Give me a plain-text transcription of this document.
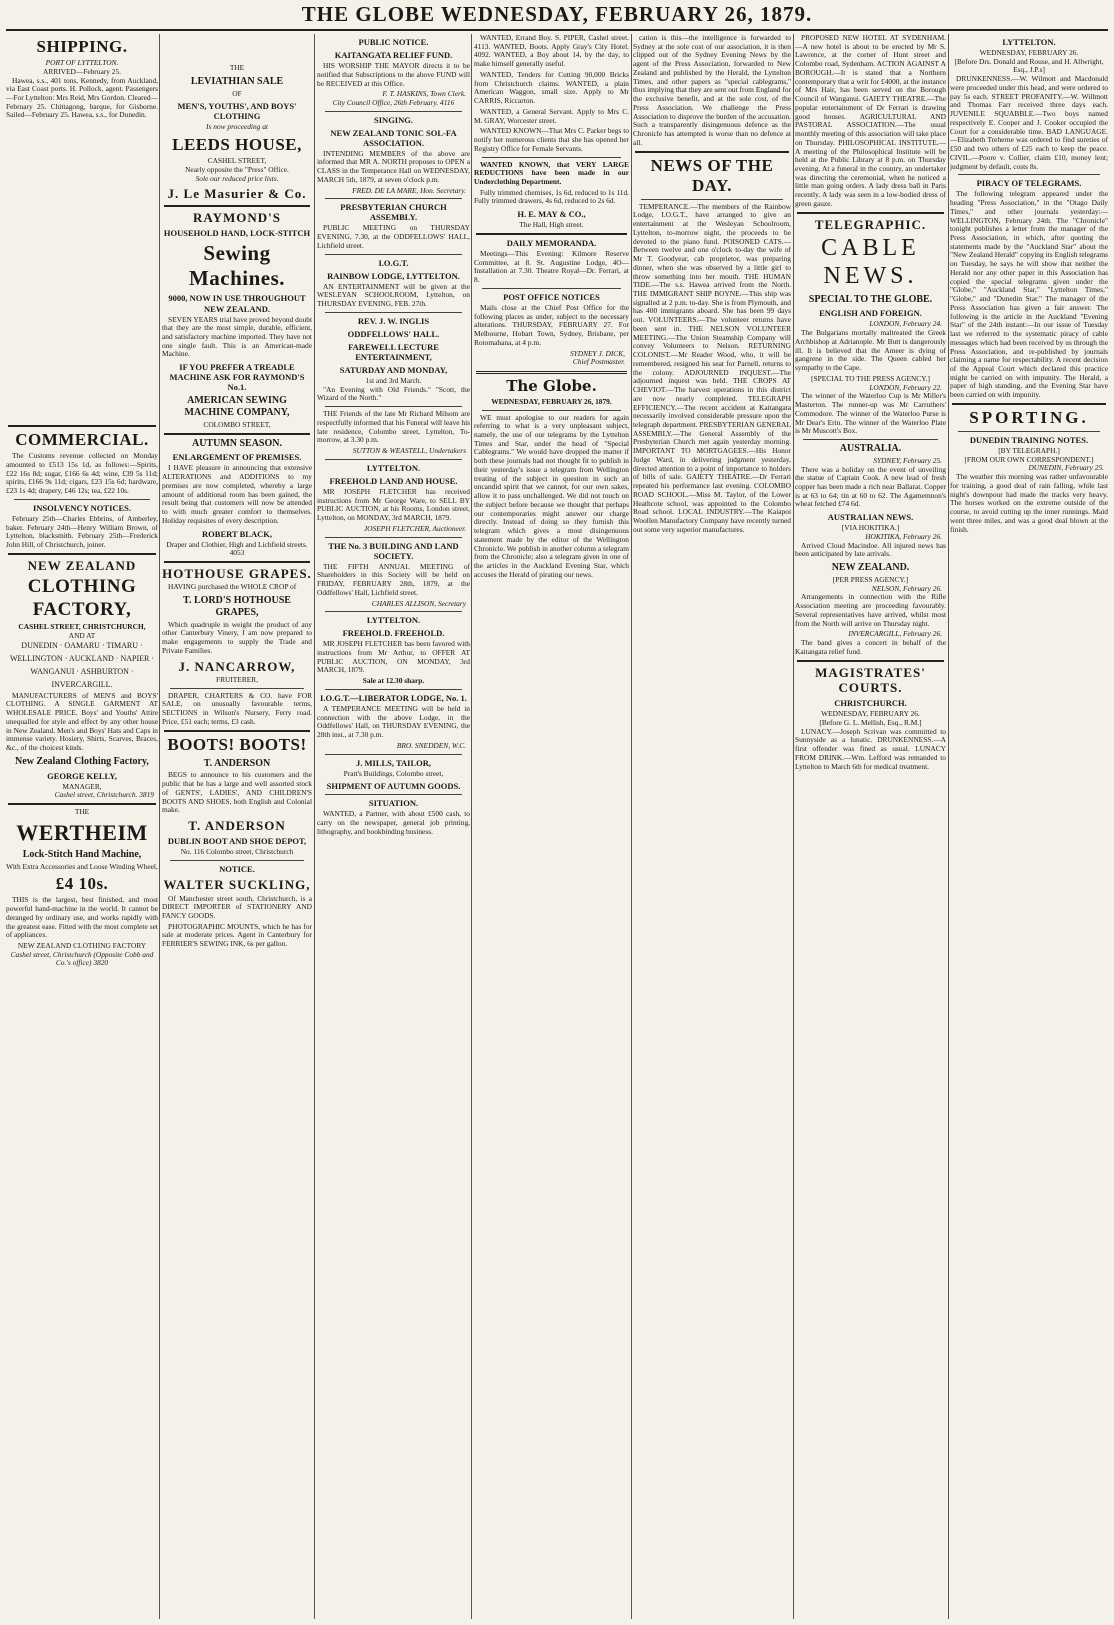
THE GLOBE WEDNESDAY, FEBRUARY 26, 1879.
SHIPPING.
PORT OF LYTTELTON.
ARRIVED—February 25.

Hawea, s.s., 401 tons, Kennedy, from Auckland, via East Coast ports. H. Pollock, agent. Passengers—For Lyttelton: Mrs Reid, Mrs Gordon. Cleared—February 25. Chittagong, barque, for Gisborne. Sailed—February 25. Hawea, s.s., for Dunedin.

COMMERCIAL.

The Customs revenue collected on Monday amounted to £513 15s 1d, as follows:—Spirits, £22 16s 8d; sugar, £166 6s 4d; wine, £39 5s 11d; spirits, £166 9s 11d; cigars, £23 15s 6d; hardware, £23 1s 4d; drapery, £46 12s; tea, £22 10s.

INSOLVENCY NOTICES.

February 25th—Charles Ebbrins, of Amberley, baker. February 24th—Henry William Brown, of Lyttelton, blacksmith. February 25th—Frederick John Hill, of Christchurch, joiner.

NEW ZEALAND
CLOTHING FACTORY,
CASHEL STREET, CHRISTCHURCH,
AND AT
DUNEDIN · OAMARU · TIMARU · WELLINGTON · AUCKLAND · NAPIER · WANGANUI · ASHBURTON · INVERCARGILL.

MANUFACTURERS of MEN'S and BOYS' CLOTHING. A SINGLE GARMENT AT WHOLESALE PRICE. Boys' and Youths' Attire unequalled for style and effect by any other house in New Zealand. Men's and Boys' Hats and Caps in immense variety. Hosiery, Shirts, Scarves, Braces, &c., of the choicest kinds.

New Zealand Clothing Factory,
GEORGE KELLY,
MANAGER,
Cashel street, Christchurch. 3819
THE
WERTHEIM
Lock-Stitch Hand Machine,
With Extra Accessories and Loose Winding Wheel,
£4 10s.

THIS is the largest, best finished, and most powerful hand-machine in the world. It cannot be deranged by ordinary use, and works rapidly with the greatest ease. Fitted with the most complete set of appliances.

NEW ZEALAND CLOTHING FACTORY
Cashel street, Christchurch (Opposite Cobb and Co.'s office) 3820
THE
LEVIATHIAN SALE
OF
MEN'S, YOUTHS', AND BOYS' CLOTHING
Is now proceeding at
LEEDS HOUSE,
CASHEL STREET,
Nearly opposite the "Press" Office.
Sole our reduced price lists.
J. Le Masurier & Co.
RAYMOND'S
HOUSEHOLD HAND, LOCK-STITCH
Sewing Machines.
9000, NOW IN USE THROUGHOUT NEW ZEALAND.

SEVEN YEARS trial have proved beyond doubt that they are the most simple, durable, efficient, and satisfactory machine imported. They have not one single fault. This is an American-made Machine.

IF YOU PREFER A TREADLE MACHINE ASK FOR RAYMOND'S No.1.
AMERICAN SEWING MACHINE COMPANY,
COLOMBO STREET,
AUTUMN SEASON.
ENLARGEMENT OF PREMISES.

I HAVE pleasure in announcing that extensive ALTERATIONS and ADDITIONS to my premises are now completed, whereby a large amount of additional room has been gained, the result being that customers will now be attended to with much greater comfort to themselves. Holiday requisites of every description.

ROBERT BLACK,
Draper and Clothier, High and Lichfield streets. 4053
HOTHOUSE GRAPES.

HAVING purchased the WHOLE CROP of

T. LORD'S HOTHOUSE GRAPES,

Which quadruple in weight the product of any other Canterbury Vinery, I am now prepared to make engagements to supply the Trade and Private Families.

J. NANCARROW,
FRUITERER,

DRAPER, CHARTERS & CO. have FOR SALE, on unusually favourable terms, SECTIONS in Wilson's Nursery, Ferry road. Price, £51 each; terms, £3 cash.

BOOTS! BOOTS!
T. ANDERSON

BEGS to announce to his customers and the public that he has a large and well assorted stock of GENTS', LADIES', AND CHILDREN'S BOOTS AND SHOES, both English and Colonial make.

T. ANDERSON
DUBLIN BOOT AND SHOE DEPOT,
No. 116 Colombo street, Christchurch
NOTICE.
WALTER SUCKLING,

Of Manchester street south, Christchurch, is a DIRECT IMPORTER of STATIONERY AND FANCY GOODS.

PHOTOGRAPHIC MOUNTS, which he has for sale at moderate prices. Agent in Canterbury for FERRIER'S SEWING INK, 6s per gallon.

PUBLIC NOTICE.
KAITANGATA RELIEF FUND.

HIS WORSHIP THE MAYOR directs it to be notified that Subscriptions to the above FUND will be RECEIVED at this Office.

F. T. HASKINS, Town Clerk.
City Council Office, 26th February. 4116
SINGING.
NEW ZEALAND TONIC SOL-FA ASSOCIATION.

INTENDING MEMBERS of the above are informed that MR A. NORTH proposes to OPEN a CLASS in the Temperance Hall on WEDNESDAY, MARCH 5th, 1879, at seven o'clock p.m.

FRED. DE LA MARE, Hon. Secretary.
PRESBYTERIAN CHURCH ASSEMBLY.

PUBLIC MEETING on THURSDAY EVENING, 7.30, at the ODDFELLOWS' HALL, Lichfield street.

I.O.G.T.
RAINBOW LODGE, LYTTELTON.

AN ENTERTAINMENT will be given at the WESLEYAN SCHOOLROOM, Lyttelton, on THURSDAY EVENING, FEB. 27th.

REV. J. W. INGLIS
ODDFELLOWS' HALL.
FAREWELL LECTURE ENTERTAINMENT,
SATURDAY AND MONDAY,
1st and 3rd March.

"An Evening with Old Friends." "Scott, the Wizard of the North."

THE Friends of the late Mr Richard Milsom are respectfully informed that his Funeral will leave his late residence, Colombo street, Lyttelton, To-morrow, at 3.30 p.m.

SUTTON & WEASTELL, Undertakers
LYTTELTON.
FREEHOLD LAND AND HOUSE.

MR JOSEPH FLETCHER has received instructions from Mr George Ware, to SELL BY PUBLIC AUCTION, at his Rooms, London street, Lyttelton, on MONDAY, 3rd MARCH, 1879.

JOSEPH FLETCHER, Auctioneer.
THE No. 3 BUILDING AND LAND SOCIETY.

THE FIFTH ANNUAL MEETING of Shareholders in this Society will be held on FRIDAY, FEBRUARY 28th, 1879, at the Oddfellows' Hall, Lichfield street.

CHARLES ALLISON, Secretary
LYTTELTON.
FREEHOLD. FREEHOLD.

MR JOSEPH FLETCHER has been favored with instructions from Mr Arthur, to OFFER AT PUBLIC AUCTION, ON MONDAY, 3rd MARCH, 1879.

Sale at 12.30 sharp.
I.O.G.T.—LIBERATOR LODGE, No. 1.

A TEMPERANCE MEETING will be held in connection with the above Lodge, in the Oddfellows' Hall, on THURSDAY EVENING, the 28th inst., at 7.30 p.m.

BRO. SNEDDEN, W.C.
J. MILLS, TAILOR,
Pratt's Buildings, Colombo street,
SHIPMENT OF AUTUMN GOODS.
SITUATION.

WANTED, a Partner, with about £500 cash, to carry on the newspaper, general job printing, lithography, and bookbinding business.

WANTED, Errand Boy. S. PIPER, Cashel street. 4113. WANTED, Boots. Apply Gray's City Hotel. 4092. WANTED, a Boy about 14, by the day, to make himself generally useful.

WANTED, Tenders for Cutting 90,000 Bricks from Christchurch claims. WANTED, a plain American Waggon, small size. Apply to Mr CARRIS, Riccarton.

WANTED, a General Servant. Apply to Mrs C. M. GRAY, Worcester street.

WANTED KNOWN—That Mrs C. Parker begs to notify her numerous clients that she has opened her Registry Office for Female Servants.

WANTED KNOWN, that VERY LARGE REDUCTIONS have been made in our Underclothing Department.

Fully trimmed chemises, 1s 6d, reduced to 1s 11d. Fully trimmed drawers, 4s 6d, reduced to 2s 6d.

H. E. MAY & CO.,
The Hall, High street.
DAILY MEMORANDA.

Meetings—This Evening: Kilmore Reserve Committee, at 8. St. Augustine Lodge, 4O—Installation at 7.30. Theatre Royal—Dr. Ferrari, at 8.

POST OFFICE NOTICES

Mails close at the Chief Post Office for the following places as under, subject to the necessary alterations. THURSDAY, FEBRUARY 27. For Melbourne, Hobart Town, Sydney, Brisbane, per Rotomahana, at 4 p.m.

SYDNEY J. DICK,
Chief Postmaster.
The Globe.
WEDNESDAY, FEBRUARY 26, 1879.

WE must apologise to our readers for again referring to what is a very unpleasant subject, namely, the use of our telegrams by the Lyttelton Times and Star, under the head of "Special Cablegrams." We would have dropped the matter if both these journals had not thought fit to publish in their yesterday's issue a telegram from Wellington treating of the subject in question in such an uncandid spirit that we cannot, for our own sakes, allow it to pass unchallenged. We did not touch on the subject before because we thought that perhaps our contemporaries might answer our charge directly. Instead of doing so they furnish this telegram which gives a most disingenuous statement made by the editor of the Wellington Chronicle. We publish in another column a telegram from the Chronicle; also a telegram given in one of the articles in the Auckland Evening Star, which accuses the Herald of pirating our news.

cation is this—the intelligence is forwarded to Sydney at the sole cost of our association, it is then clipped out of the Sydney Evening News by the agent of the Press Association, forwarded to New Zealand and published by the Herald, the Lyttelton Times, and other papers as "special cablegrams," thus implying that they are sent out from England for the exclusive benefit, and at the sole cost, of the Press Association. We challenge the Press Association to disprove the burden of the accusation. Such a transparently disingenuous defence as the Chronicle has attempted is worse than no defence at all.

NEWS OF THE DAY.

TEMPERANCE.—The members of the Rainbow Lodge, I.O.G.T., have arranged to give an entertainment at the Wesleyan Schoolroom, Lyttelton, to-morrow night, the proceeds to be devoted to the piano fund. POISONED CATS.—Between twelve and one o'clock to-day the wife of Mr T. Goodyear, cab proprietor, was preparing dinner, when she was observed by a little girl to throw something into her mouth. THE HUMAN TIDE.—The s.s. Hawea arrived from the North. THE IMMIGRANT SHIP BOYNE.—This ship was signalled at 2 p.m. to-day. She is from Plymouth, and has 400 immigrants aboard. She has been 99 days out. VOLUNTEERS.—The volunteer returns have been sent in. THE NELSON VOLUNTEER MEETING.—The Union Steamship Company will convey Volunteers to Nelson. RETURNING COLONIST.—Mr Reader Wood, who, it will be remembered, resigned his seat for Parnell, returns to the colony. ADJOURNED INQUEST.—The adjourned inquest was held. THE CROPS AT CHEVIOT.—The harvest operations in this district are now nearly completed. TELEGRAPH EFFICIENCY.—The recent accident at Kaitangata necessarily involved considerable pressure upon the telegraph department. PRESBYTERIAN GENERAL ASSEMBLY.—The General Assembly of the Presbyterian Church met again yesterday morning. IMPORTANT TO MORTGAGEES.—His Honor Judge Ward, in delivering judgment yesterday, directed attention to a point of importance to holders of bills of sale. GAIETY THEATRE.—Dr Ferrari repeated his performance last evening. COLOMBO ROAD SCHOOL.—Miss M. Taylor, of the Lower Heathcote school, was appointed to the Colombo Road school. LOCAL INDUSTRY.—The Kaiapoi Woollen Manufactory Company have recently turned out some very superior manufactures.

PROPOSED NEW HOTEL AT SYDENHAM.—A new hotel is about to be erected by Mr S. Lawrence, at the corner of Hunt street and Colombo road, Sydenham. ACTION AGAINST A BOROUGH.—It is stated that a Northern contemporary that a writ for £4000, at the instance of Mrs Hair, has been served on the Borough Council of Wanganui. GAIETY THEATRE.—The popular entertainment of Dr Ferrari is drawing good houses. AGRICULTURAL AND PASTORAL ASSOCIATION.—The usual monthly meeting of this association will take place on Thursday. PHILOSOPHICAL INSTITUTE.—A meeting of the Philosophical Institute will be held at the Public Library at 8 p.m. on Thursday evening. At a funeral in the country, an undertaker was directing the ceremonial, when he noticed a little man going orders. A lady dress ball in Paris recently. A lady was seen in a low-bodied dress of green gauze.

TELEGRAPHIC.
CABLE NEWS.
SPECIAL TO THE GLOBE.
ENGLISH AND FOREIGN.
LONDON, February 24.

The Bulgarians mortally maltreated the Greek Archbishop at Adrianople. Mr Butt is dangerously ill. It is believed that the Ameer is dying of gangrene in the side. The Queen cabled her sympathy to the Cape.

[SPECIAL TO THE PRESS AGENCY.]
LONDON, February 22.

The winner of the Waterloo Cup is Mr Miller's Masterton. The runner-up was Mr Carruthers' Commodore. The winner of the Waterloo Purse is Mr Dear's Erin. The winner of the Waterloo Plate is Mr Muscott's Box.

AUSTRALIA.
SYDNEY, February 25.

There was a holiday on the event of unveiling the statue of Captain Cook. A new lead of fresh copper has been made a rich near Ballarat. Copper is at 63 to 64; tin at 60 to 62. The Agamemnon's wheat fetched £74 6d.

AUSTRALIAN NEWS.
[VIA HOKITIKA.]
HOKITIKA, February 26.

Arrived Cloud Macindoe. All injured news has been anticipated by late arrivals.

NEW ZEALAND.
[PER PRESS AGENCY.]
NELSON, February 26.

Arrangements in connection with the Rifle Association meeting are proceeding favourably. Several representatives have arrived, whilst most from the North will arrive on Thursday night.

INVERCARGILL, February 26.

The band gives a concert in behalf of the Kaitangata relief fund.

MAGISTRATES' COURTS.
CHRISTCHURCH.
WEDNESDAY, FEBRUARY 26.
[Before G. L. Mellish, Esq., R.M.]

LUNACY.—Joseph Scrivan was committed to Sunnyside as a lunatic. DRUNKENNESS.—A first offender was fined as usual. LUNACY FROM DRINK.—Wm. Lefford was remanded to Lyttelton to March 6th for medical treatment.

LYTTELTON.
WEDNESDAY, FEBRUARY 26.
[Before Drs. Donald and Rouse, and H. Allwright, Esq., J.P.s]

DRUNKENNESS.—W. Wilmott and Macdonald were proceeded under this head, and were ordered to pay 5s each. STREET PROFANITY.—W. Willmott and Thomas Farr received three days each. JUVENILE SQUABBLE.—Two boys named respectively E. Cooper and J. Cooker occupied the Court for a considerable time. BAD LANGUAGE.—Elizabeth Treherne was ordered to find sureties of £50 and two others of £25 each to keep the peace. CIVIL.—Poore v. Collier, claim £10, money lent; judgment by default, costs 8s.

PIRACY OF TELEGRAMS.

The following telegram appeared under the heading "Press Association," in the "Otago Daily Times," and other journals yesterday:—WELLINGTON, February 24th. The "Chronicle" tonight publishes a letter from the manager of the Press Association, in which, after quoting the statements made by the "Auckland Star" about the "New Zealand Herald" copying its English telegrams on Tuesday, he says he will show that neither the Herald nor any other paper in this Association has copied the special telegrams given under the "Globe," "Auckland Star," "Lyttelton Times," "Globe," and "Dunedin Star." The manager of the Press Association has given a fair answer. The following is the article in the Auckland "Evening Star" of the 24th instant:—In our issue of Tuesday last we referred to the systematic piracy of cable messages which had been received by us through the Press Association, and re-published by journals claiming a name for respectability. A recent decision of the Appeal Court which declared this practice might be carried on with impunity. The Herald, a paper of high standing, and the Evening Star have been carried on with impunity.

SPORTING.
DUNEDIN TRAINING NOTES.
[BY TELEGRAPH.]
[FROM OUR OWN CORRESPONDENT.]
DUNEDIN, February 25.

The weather this morning was rather unfavourable for training, a good deal of rain falling, while last night's downpour had made the tracks very heavy. The horses worked on the extreme outside of the course, to avoid cutting up the inner runnings. Maid went three miles, and was a good deal blown at the finish.
